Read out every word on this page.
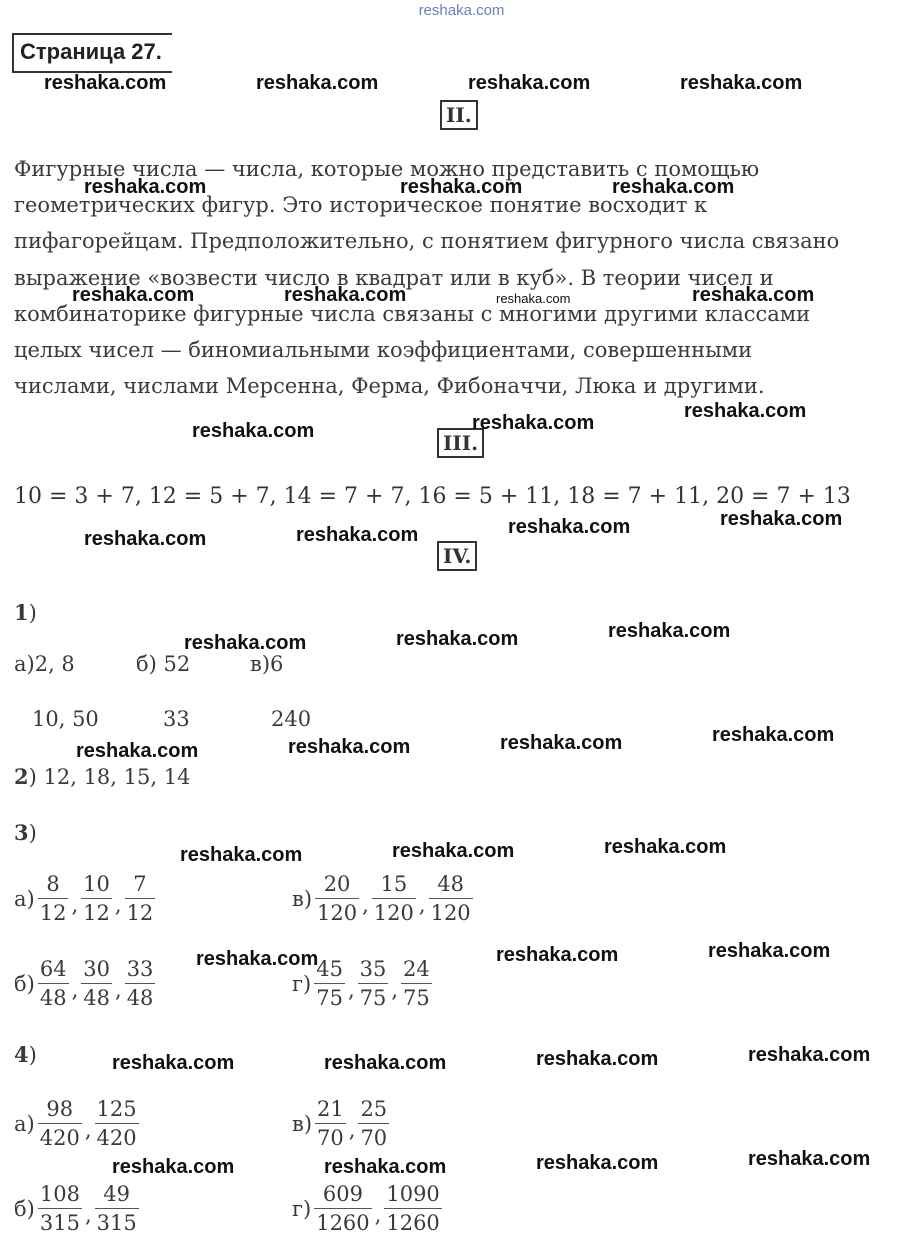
reshaka.com
Страница 27.
II.
Фигурные числа — числа, которые можно представить с помощью
геометрических фигур. Это историческое понятие восходит к
пифагорейцам. Предположительно, с понятием фигурного числа связано
выражение «возвести число в квадрат или в куб». В теории чисел и
комбинаторике фигурные числа связаны с многими другими классами
целых чисел — биномиальными коэффициентами, совершенными
числами, числами Мерсенна, Ферма, Фибоначчи, Люка и другими.
III.
10 = 3 + 7, 12 = 5 + 7, 14 = 7 + 7, 16 = 5 + 11, 18 = 7 + 11, 20 = 7 + 13
IV.
1)
а)2, 8	б) 52	в)6
10, 50	33	240
2) 12, 18, 15, 14
3)
$а) \frac{8}{12}$ , $\frac{10}{12}$ , $\frac{7}{12}$	$в) \frac{20}{120}$ , $\frac{15}{120}$ , $\frac{48}{120}$
$б) \frac{64}{48}$ , $\frac{30}{48}$ , $\frac{33}{48}$	$г) \frac{45}{75}$ , $\frac{35}{75}$ , $\frac{24}{75}$
4)
$а) \frac{98}{420}$ , $\frac{125}{420}$	$в) \frac{21}{70}$ , $\frac{25}{70}$
$б) \frac{108}{315}$ , $\frac{49}{315}$	$г) \frac{609}{1260}$ , $\frac{1090}{1260}$
reshaka.com	reshaka.com	reshaka.com	reshaka.com
reshaka.com	reshaka.com	reshaka.com
reshaka.com	reshaka.com	reshaka.com	reshaka.com
reshaka.com
reshaka.com
reshaka.com
reshaka.com
reshaka.com
reshaka.com
reshaka.com
reshaka.com
reshaka.com
reshaka.com
reshaka.com
reshaka.com
reshaka.com
reshaka.com
reshaka.com
reshaka.com
reshaka.com
reshaka.com
reshaka.com
reshaka.com
reshaka.com
reshaka.com
reshaka.com
reshaka.com
reshaka.com
reshaka.com
reshaka.com
reshaka.com
